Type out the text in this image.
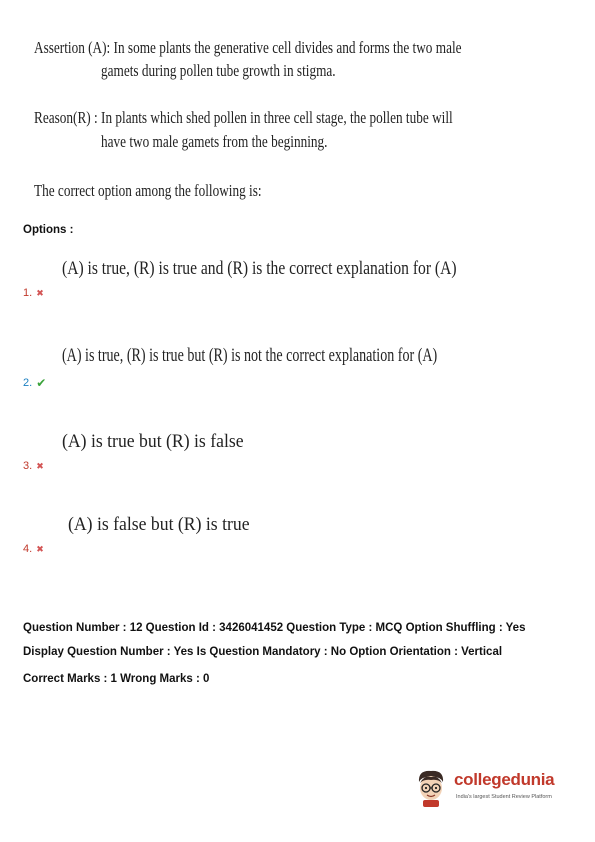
Assertion (A): In some plants the generative cell divides and forms the two male
gamets during pollen tube growth in stigma.
Reason(R) : In plants which shed pollen in three cell stage, the pollen tube will
have two male gamets from the beginning.
The correct option among the following is:
Options :
(A) is true, (R) is true and (R) is the correct explanation for (A)
1. ✖
(A) is true, (R) is true but (R) is not the correct explanation for (A)
2. ✔
(A) is true but (R) is false
3. ✖
(A) is false but (R) is true
4. ✖
Question Number : 12 Question Id : 3426041452 Question Type : MCQ Option Shuffling : Yes
Display Question Number : Yes Is Question Mandatory : No Option Orientation : Vertical
Correct Marks : 1 Wrong Marks : 0
collegedunia
India's largest Student Review Platform
